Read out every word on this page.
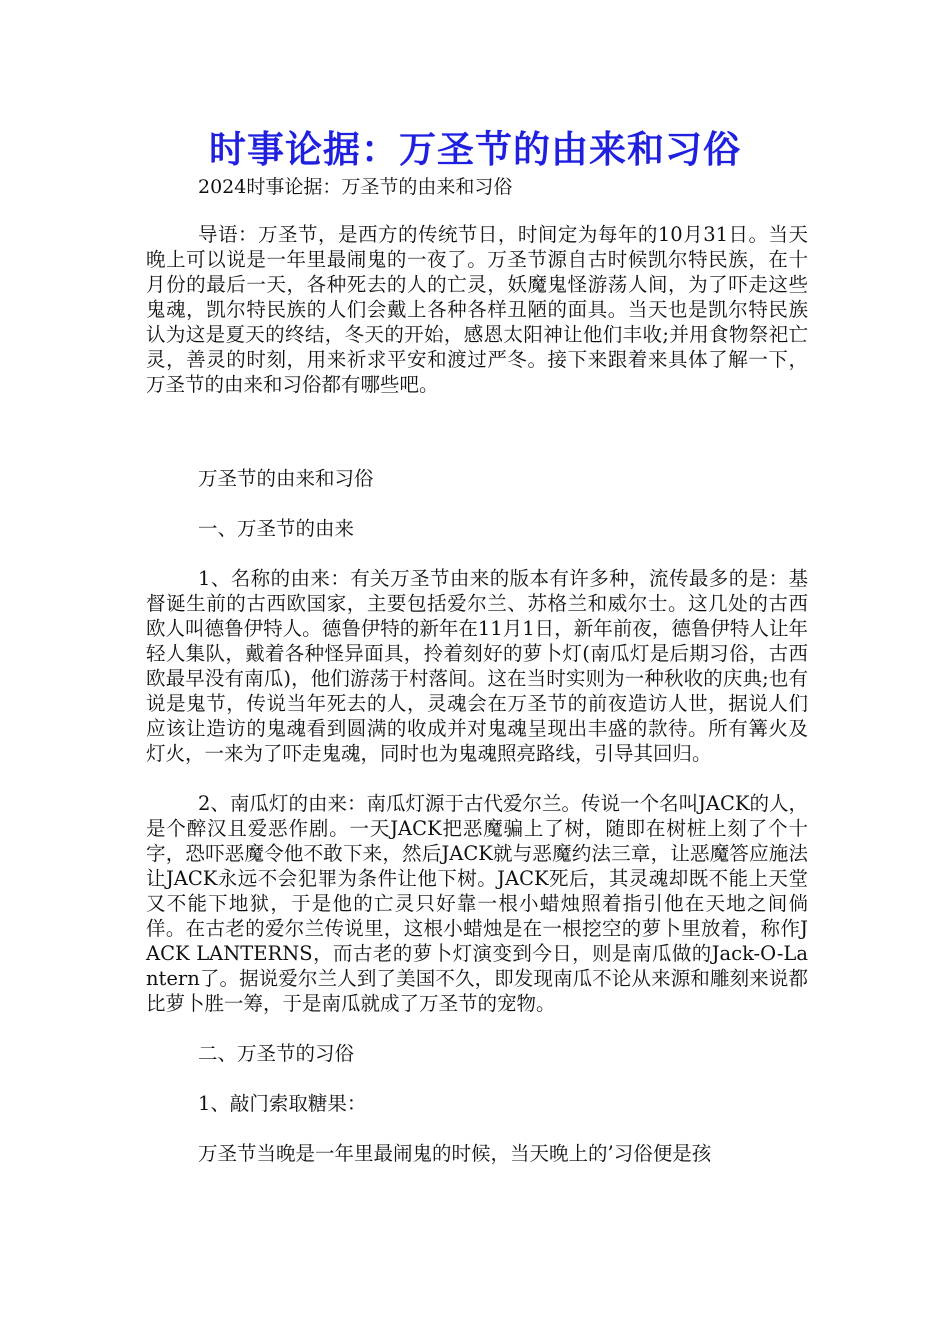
时事论据：万圣节的由来和习俗
2024时事论据：万圣节的由来和习俗

导语：万圣节，是西方的传统节日，时间定为每年的10月31日。当天晚上可以说是一年里最闹鬼的一夜了。万圣节源自古时候凯尔特民族，在十月份的最后一天，各种死去的人的亡灵，妖魔鬼怪游荡人间，为了吓走这些鬼魂，凯尔特民族的人们会戴上各种各样丑陋的面具。当天也是凯尔特民族认为这是夏天的终结，冬天的开始，感恩太阳神让他们丰收;并用食物祭祀亡灵，善灵的时刻，用来祈求平安和渡过严冬。接下来跟着来具体了解一下，万圣节的由来和习俗都有哪些吧。

万圣节的由来和习俗

一、万圣节的由来

1、名称的由来：有关万圣节由来的版本有许多种，流传最多的是：基督诞生前的古西欧国家，主要包括爱尔兰、苏格兰和威尔士。这几处的古西欧人叫德鲁伊特人。德鲁伊特的新年在11月1日，新年前夜，德鲁伊特人让年轻人集队，戴着各种怪异面具，拎着刻好的萝卜灯(南瓜灯是后期习俗，古西欧最早没有南瓜)，他们游荡于村落间。这在当时实则为一种秋收的庆典;也有说是鬼节，传说当年死去的人，灵魂会在万圣节的前夜造访人世，据说人们应该让造访的鬼魂看到圆满的收成并对鬼魂呈现出丰盛的款待。所有篝火及灯火，一来为了吓走鬼魂，同时也为鬼魂照亮路线，引导其回归。

2、南瓜灯的由来：南瓜灯源于古代爱尔兰。传说一个名叫JACK的人，是个醉汉且爱恶作剧。一天JACK把恶魔骗上了树，随即在树桩上刻了个十字，恐吓恶魔令他不敢下来，然后JACK就与恶魔约法三章，让恶魔答应施法让JACK永远不会犯罪为条件让他下树。JACK死后，其灵魂却既不能上天堂又不能下地狱，于是他的亡灵只好靠一根小蜡烛照着指引他在天地之间倘佯。在古老的爱尔兰传说里，这根小蜡烛是在一根挖空的萝卜里放着，称作JACK LANTERNS，而古老的萝卜灯演变到今日，则是南瓜做的Jack-O-Lantern了。据说爱尔兰人到了美国不久，即发现南瓜不论从来源和雕刻来说都比萝卜胜一筹，于是南瓜就成了万圣节的宠物。

二、万圣节的习俗

1、敲门索取糖果：

万圣节当晚是一年里最闹鬼的时候，当天晚上的’习俗便是孩
